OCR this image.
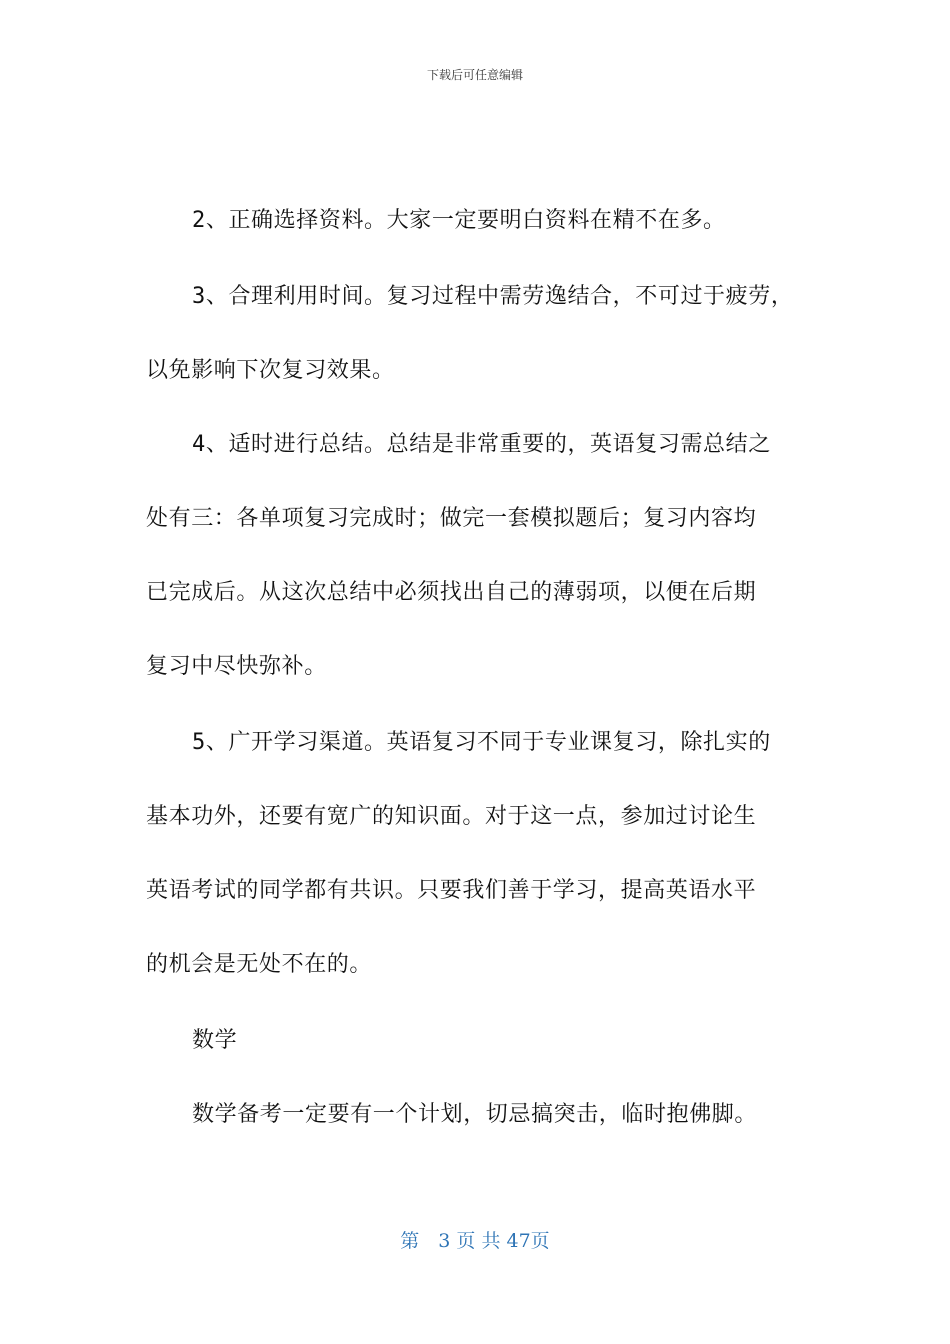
下载后可任意编辑
2、正确选择资料。大家一定要明白资料在精不在多。
3、合理利用时间。复习过程中需劳逸结合，不可过于疲劳，
以免影响下次复习效果。
4、适时进行总结。总结是非常重要的，英语复习需总结之
处有三：各单项复习完成时；做完一套模拟题后；复习内容均
已完成后。从这次总结中必须找出自己的薄弱项，以便在后期
复习中尽快弥补。
5、广开学习渠道。英语复习不同于专业课复习，除扎实的
基本功外，还要有宽广的知识面。对于这一点，参加过讨论生
英语考试的同学都有共识。只要我们善于学习，提高英语水平
的机会是无处不在的。
数学
数学备考一定要有一个计划，切忌搞突击，临时抱佛脚。
第　3 页 共 47页
